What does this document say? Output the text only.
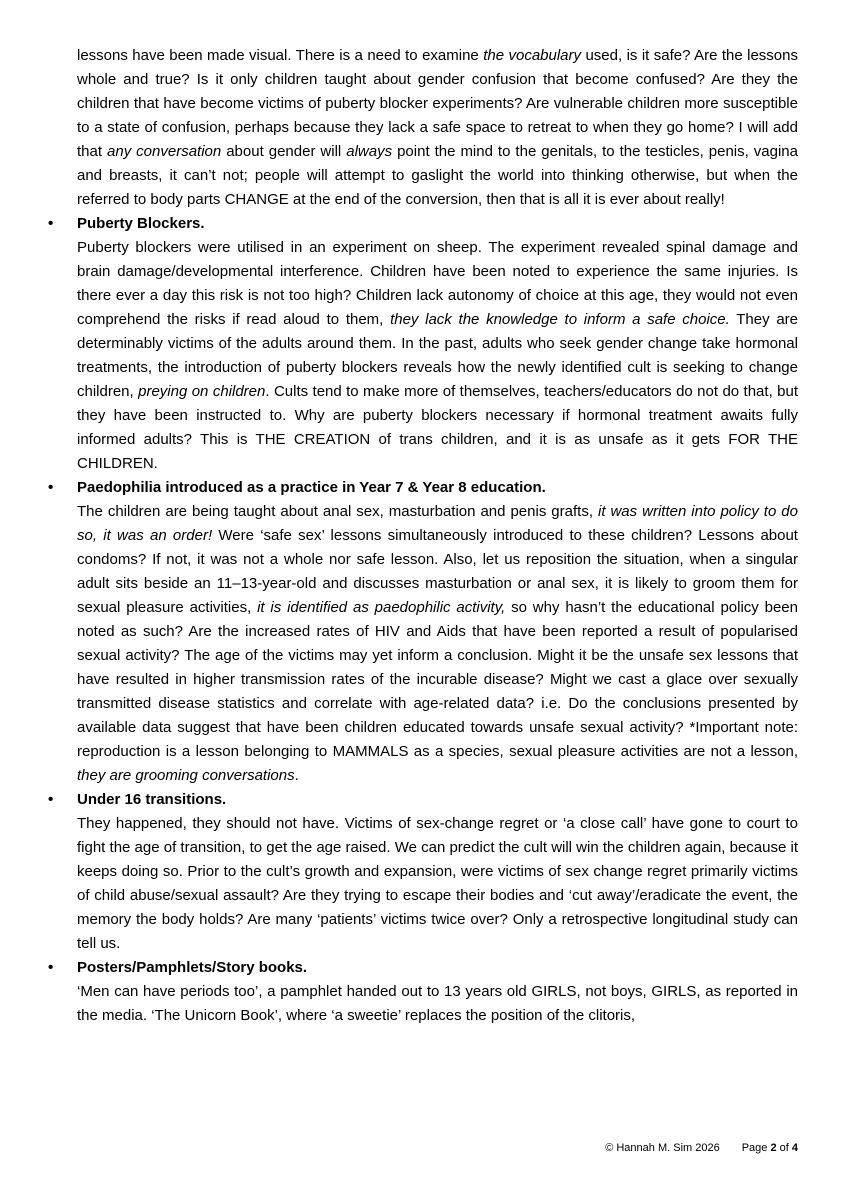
lessons have been made visual. There is a need to examine the vocabulary used, is it safe? Are the lessons whole and true? Is it only children taught about gender confusion that become confused? Are they the children that have become victims of puberty blocker experiments? Are vulnerable children more susceptible to a state of confusion, perhaps because they lack a safe space to retreat to when they go home? I will add that any conversation about gender will always point the mind to the genitals, to the testicles, penis, vagina and breasts, it can’t not; people will attempt to gaslight the world into thinking otherwise, but when the referred to body parts CHANGE at the end of the conversion, then that is all it is ever about really!

• Puberty Blockers.

Puberty blockers were utilised in an experiment on sheep. The experiment revealed spinal damage and brain damage/developmental interference. Children have been noted to experience the same injuries. Is there ever a day this risk is not too high? Children lack autonomy of choice at this age, they would not even comprehend the risks if read aloud to them, they lack the knowledge to inform a safe choice. They are determinably victims of the adults around them. In the past, adults who seek gender change take hormonal treatments, the introduction of puberty blockers reveals how the newly identified cult is seeking to change children, preying on children. Cults tend to make more of themselves, teachers/educators do not do that, but they have been instructed to. Why are puberty blockers necessary if hormonal treatment awaits fully informed adults? This is THE CREATION of trans children, and it is as unsafe as it gets FOR THE CHILDREN.

• Paedophilia introduced as a practice in Year 7 & Year 8 education.

The children are being taught about anal sex, masturbation and penis grafts, it was written into policy to do so, it was an order! Were ‘safe sex’ lessons simultaneously introduced to these children? Lessons about condoms? If not, it was not a whole nor safe lesson. Also, let us reposition the situation, when a singular adult sits beside an 11–13-year-old and discusses masturbation or anal sex, it is likely to groom them for sexual pleasure activities, it is identified as paedophilic activity, so why hasn’t the educational policy been noted as such? Are the increased rates of HIV and Aids that have been reported a result of popularised sexual activity? The age of the victims may yet inform a conclusion. Might it be the unsafe sex lessons that have resulted in higher transmission rates of the incurable disease? Might we cast a glace over sexually transmitted disease statistics and correlate with age-related data? i.e. Do the conclusions presented by available data suggest that have been children educated towards unsafe sexual activity? *Important note: reproduction is a lesson belonging to MAMMALS as a species, sexual pleasure activities are not a lesson, they are grooming conversations.

• Under 16 transitions.

They happened, they should not have. Victims of sex-change regret or ‘a close call’ have gone to court to fight the age of transition, to get the age raised. We can predict the cult will win the children again, because it keeps doing so. Prior to the cult’s growth and expansion, were victims of sex change regret primarily victims of child abuse/sexual assault? Are they trying to escape their bodies and ‘cut away’/eradicate the event, the memory the body holds? Are many ‘patients’ victims twice over? Only a retrospective longitudinal study can tell us.

• Posters/Pamphlets/Story books.

‘Men can have periods too’, a pamphlet handed out to 13 years old GIRLS, not boys, GIRLS, as reported in the media. ‘The Unicorn Book’, where ‘a sweetie’ replaces the position of the clitoris,

© Hannah M. Sim 2026 Page 2 of 4
